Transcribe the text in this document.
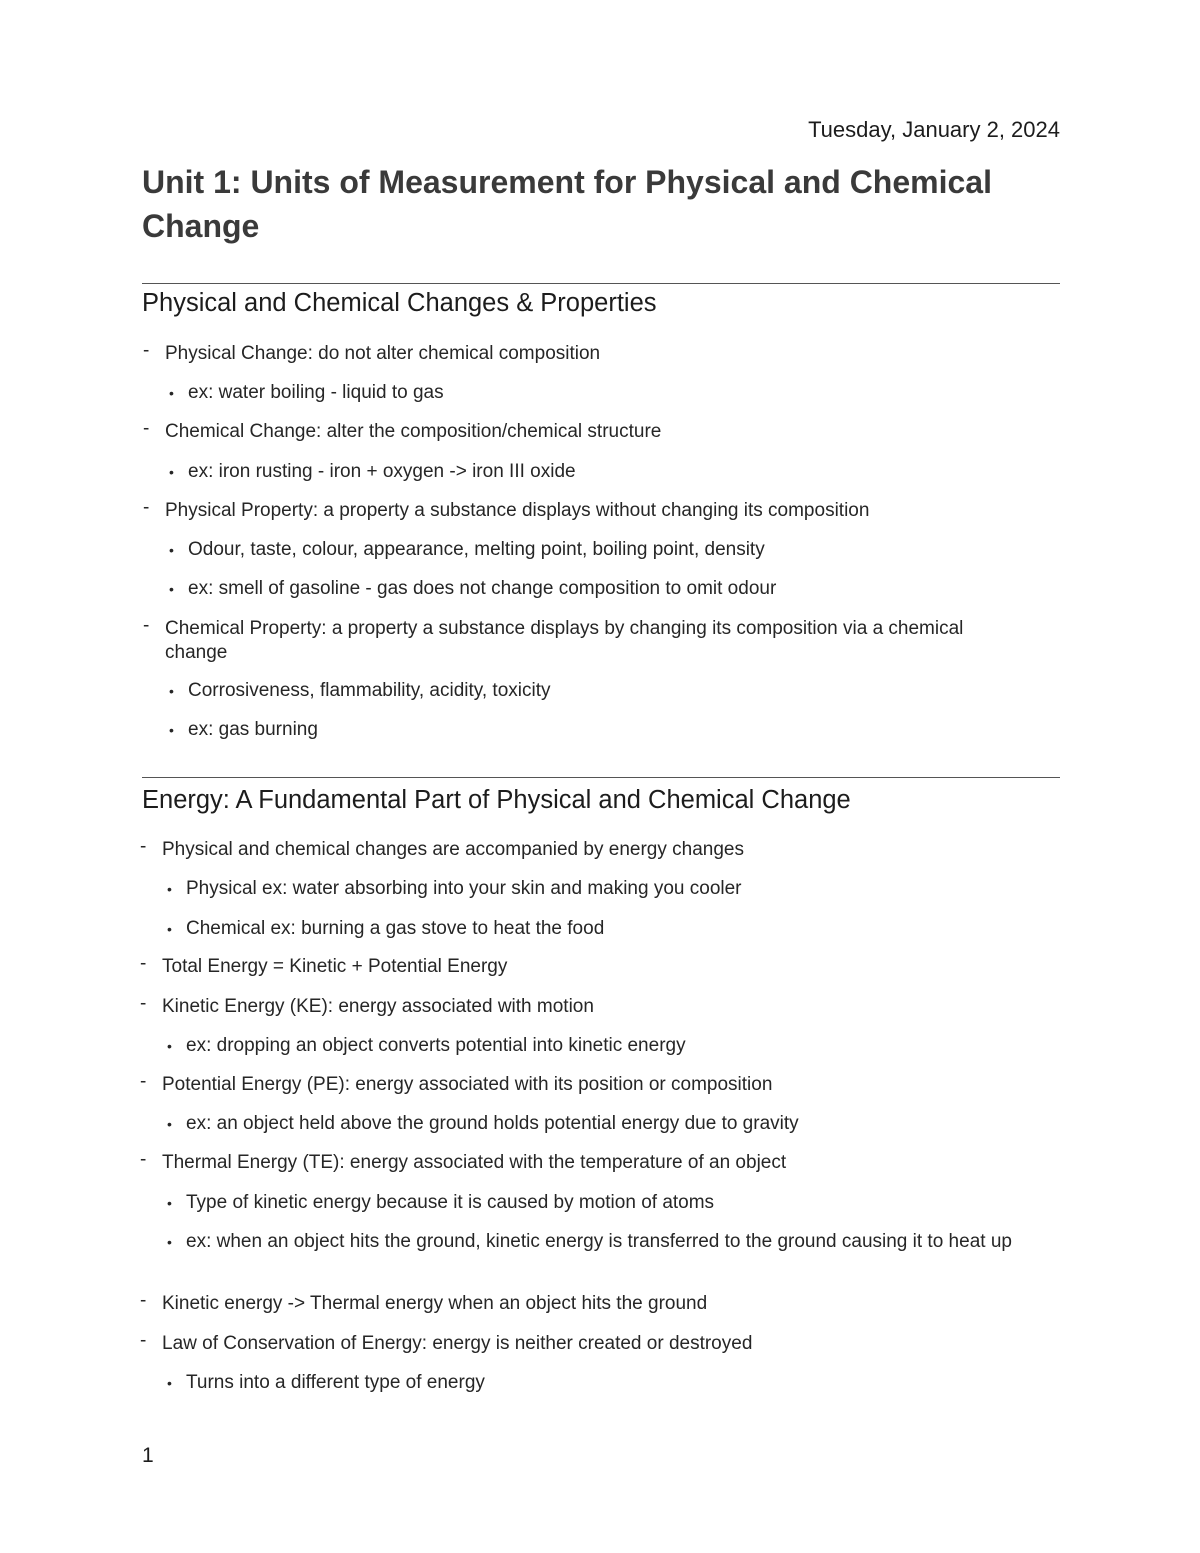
Tuesday, January 2, 2024
Unit 1: Units of Measurement for Physical and Chemical Change
Physical and Chemical Changes & Properties
- Physical Change: do not alter chemical composition
• ex: water boiling - liquid to gas
- Chemical Change: alter the composition/chemical structure
• ex: iron rusting - iron + oxygen -> iron III oxide
- Physical Property: a property a substance displays without changing its composition
• Odour, taste, colour, appearance, melting point, boiling point, density
• ex: smell of gasoline - gas does not change composition to omit odour
- Chemical Property: a property a substance displays by changing its composition via a chemical change
• Corrosiveness, flammability, acidity, toxicity
• ex: gas burning
Energy: A Fundamental Part of Physical and Chemical Change
- Physical and chemical changes are accompanied by energy changes
• Physical ex: water absorbing into your skin and making you cooler
• Chemical ex: burning a gas stove to heat the food
- Total Energy = Kinetic + Potential Energy
- Kinetic Energy (KE): energy associated with motion
• ex: dropping an object converts potential into kinetic energy
- Potential Energy (PE): energy associated with its position or composition
• ex: an object held above the ground holds potential energy due to gravity
- Thermal Energy (TE): energy associated with the temperature of an object
• Type of kinetic energy because it is caused by motion of atoms
• ex: when an object hits the ground, kinetic energy is transferred to the ground causing it to heat up
- Kinetic energy -> Thermal energy when an object hits the ground
- Law of Conservation of Energy: energy is neither created or destroyed
• Turns into a different type of energy
1
